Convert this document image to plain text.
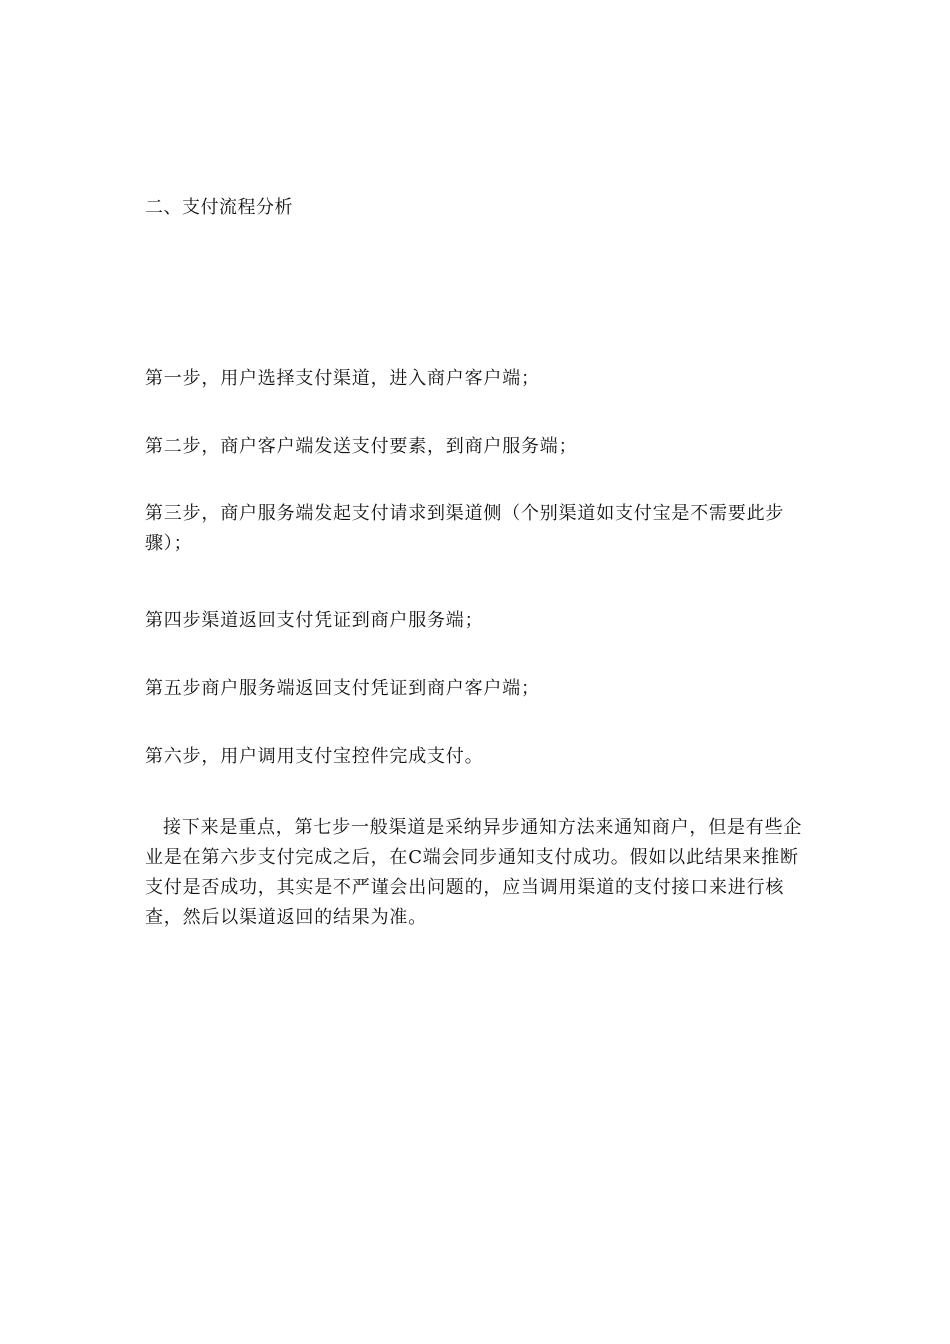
二、支付流程分析
第一步，用户选择支付渠道，进入商户客户端；
第二步，商户客户端发送支付要素，到商户服务端；
第三步，商户服务端发起支付请求到渠道侧（个别渠道如支付宝是不需要此步骤）；
第四步渠道返回支付凭证到商户服务端；
第五步商户服务端返回支付凭证到商户客户端；
第六步，用户调用支付宝控件完成支付。
接下来是重点，第七步一般渠道是采纳异步通知方法来通知商户，但是有些企业是在第六步支付完成之后，在C端会同步通知支付成功。假如以此结果来推断支付是否成功，其实是不严谨会出问题的，应当调用渠道的支付接口来进行核查，然后以渠道返回的结果为准。
